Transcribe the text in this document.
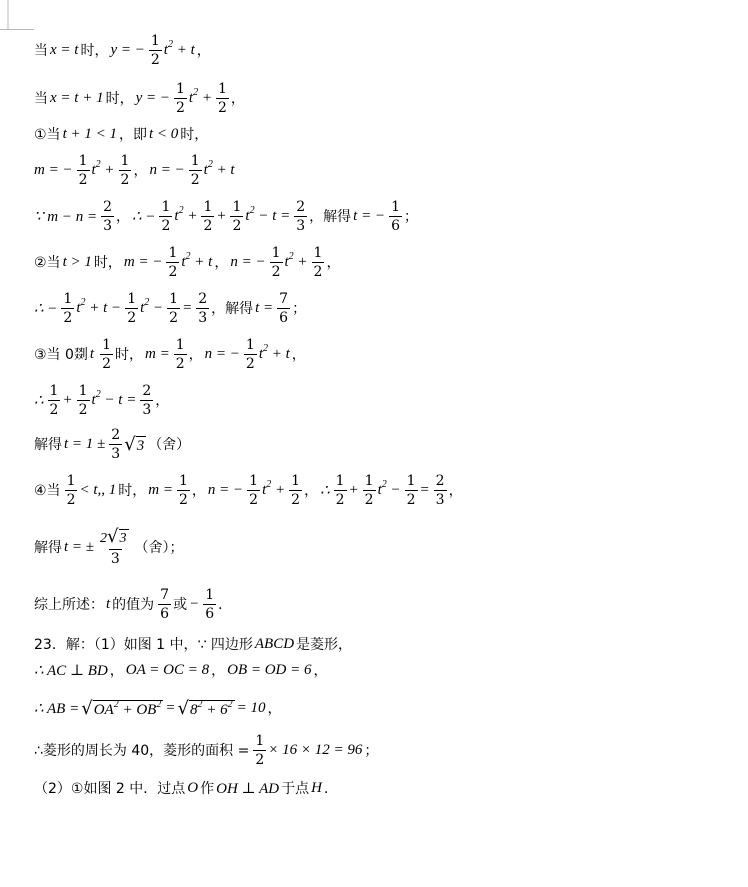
当 x = t 时， y = − $\frac{1}{2} t^2 + t$ ，
当 x = t + 1 时， y = − $\frac{1}{2} t^2 + \frac{1}{2}$ ，
①当 t + 1 < 1 ，即 t < 0 时，
m = − $\frac{1}{2} t^2 + \frac{1}{2}$ ， n = − $\frac{1}{2} t^2 + t$
∵ $m - n = \frac{2}{3}$ ， ∴ − $\frac{1}{2} t^2 + \frac{1}{2} + \frac{1}{2} t^2 - t = \frac{2}{3}$ ，解得 t = − $\frac{1}{6}$ ；
②当 t > 1 时， m = − $\frac{1}{2} t^2 + t$ ， n = − $\frac{1}{2} t^2 + \frac{1}{2}$ ，
∴ − $\frac{1}{2} t^2 + t - \frac{1}{2} t^2 - \frac{1}{2} = \frac{2}{3}$ ，解得 $t = \frac{7}{6}$ ；
③当 0剟 t $\frac{1}{2}$ 时， $m = \frac{1}{2}$ ， n = − $\frac{1}{2} t^2 + t$ ，
∴ $\frac{1}{2} + \frac{1}{2} t^2 - t = \frac{2}{3}$ ，
解得 $t = 1 \pm \frac{2}{3} √3$ （舍）
④当 $\frac{1}{2} < t$,, 1 时， $m = \frac{1}{2}$ ， n = − $\frac{1}{2} t^2 + \frac{1}{2}$ ， ∴ $\frac{1}{2} + \frac{1}{2} t^2 - \frac{1}{2} = \frac{2}{3}$ ，
解得 t = ± $\frac{2√3}{3}$ （舍）；
综上所述： t 的值为 $\frac{7}{6}$ 或 − $\frac{1}{6}$ ．
23．解：（1）如图 1 中，∵ 四边形 ABCD 是菱形，
∴ AC ⊥ BD ， OA = OC = 8 ， OB = OD = 6 ，
∴ AB = $√OA^2 + OB^2 = √8^2 + 6^2 = 10$ ，
∴菱形的周长为 40，菱形的面积 = $\frac{1}{2} \times 16 \times 12 = 96$ ；
（2）①如图 2 中．过点 O 作 OH ⊥ AD 于点 H ．
